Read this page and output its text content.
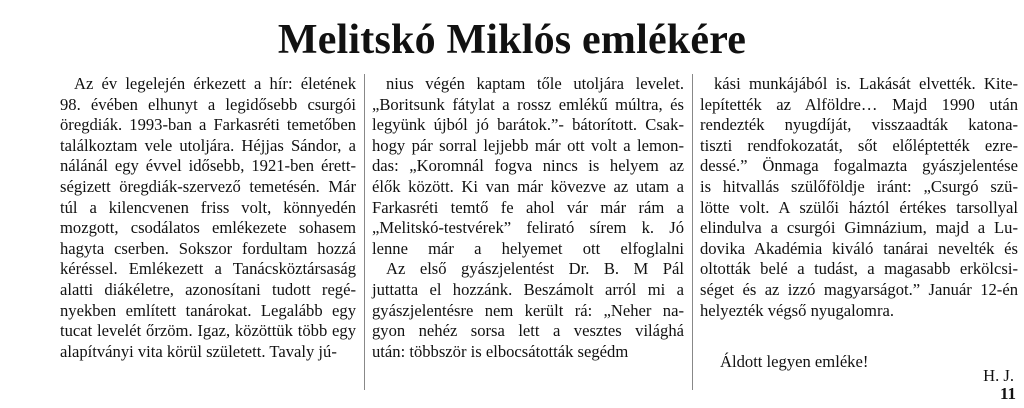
Melitskó Miklós emlékére
Az év legelején érkezett a hír: életének
98. évében elhunyt a legidősebb csurgói
öregdiák. 1993-ban a Farkasréti temetőben
találkoztam vele utoljára. Héjjas Sándor, a
nálánál egy évvel idősebb, 1921-ben érett-
ségizett öregdiák-szervező temetésén. Már
túl a kilencvenen friss volt, könnyedén
mozgott, csodálatos emlékezete sohasem
hagyta cserben. Sokszor fordultam hozzá
kéréssel. Emlékezett a Tanácsköztársaság
alatti diákéletre, azonosítani tudott regé-
nyekben említett tanárokat. Legalább egy
tucat levelét őrzöm. Igaz, közöttük több egy
alapítványi vita körül született. Tavaly jú-
nius végén kaptam tőle utoljára levelet.
„Boritsunk fátylat a rossz emlékű múltra, és
legyünk újból jó barátok.”- bátorított. Csak-
hogy pár sorral lejjebb már ott volt a lemon-
das: „Koromnál fogva nincs is helyem az
élők között. Ki van már kövezve az utam a
Farkasréti temtő fe ahol vár már rám a
„Melitskó-testvérek” felirató sírem k. Jó
lenne már a helyemet ott elfoglalni
Az első gyászjelentést Dr. B. M Pál
juttatta el hozzánk. Beszámolt arról mi a
gyászjelentésre nem került rá: „Neher na-
gyon nehéz sorsa lett a vesztes világhá
után: többször is elbocsátották segédm
kási munkájából is. Lakását elvették. Kite-
lepítették az Alföldre… Majd 1990 után
rendezték nyugdíját, visszaadták katona-
tiszti rendfokozatát, sőt előléptették ezre-
dessé.” Önmaga fogalmazta gyászjelentése
is hitvallás szülőföldje iránt: „Csurgó szü-
lötte volt. A szülői háztól értékes tarsollyal
elindulva a csurgói Gimnázium, majd a Lu-
dovika Akadémia kiváló tanárai nevelték és
oltották belé a tudást, a magasabb erkölcsi-
séget és az izzó magyarságot.” Január 12-én
helyezték végső nyugalomra.
Áldott legyen emléke!
H. J.
11
